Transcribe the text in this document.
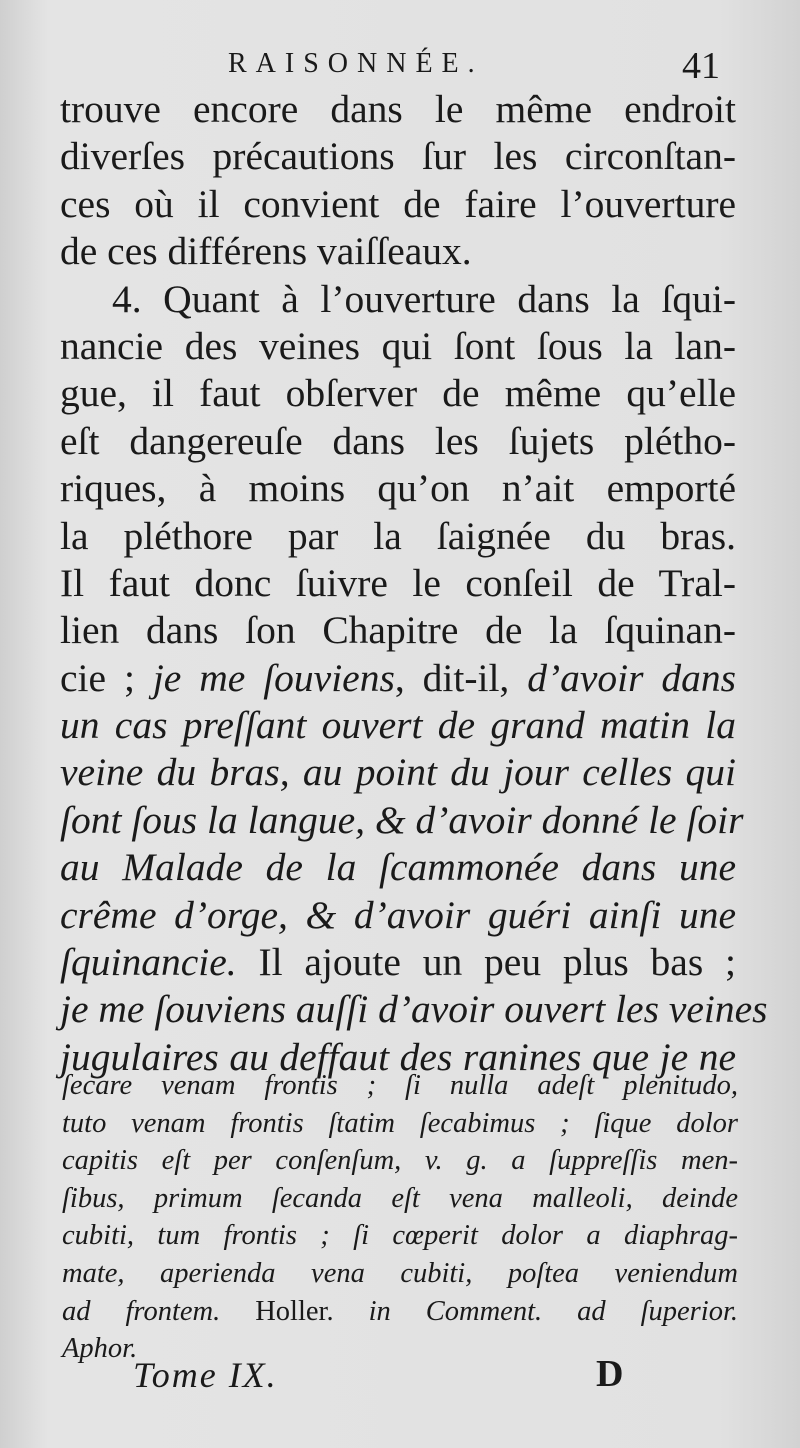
RAISONNÉE.	41
trouve encore dans le même endroit
diverſes précautions ſur les circonſtan-
ces où il convient de faire l’ouverture
de ces différens vaiſſeaux.
4. Quant à l’ouverture dans la ſqui-
nancie des veines qui ſont ſous la lan-
gue, il faut obſerver de même qu’elle
eſt dangereuſe dans les ſujets plétho-
riques, à moins qu’on n’ait emporté
la pléthore par la ſaignée du bras.
Il faut donc ſuivre le conſeil de Tral-
lien dans ſon Chapitre de la ſquinan-
cie ; je me ſouviens, dit-il, d’avoir dans
un cas preſſant ouvert de grand matin la
veine du bras, au point du jour celles qui
ſont ſous la langue, & d’avoir donné le ſoir
au Malade de la ſcammonée dans une
crême d’orge, & d’avoir guéri ainſi une
ſquinancie. Il ajoute un peu plus bas ;
je me ſouviens auſſi d’avoir ouvert les veines
jugulaires au deffaut des ranines que je ne
ſecare venam frontis ; ſi nulla adeſt plenitudo,
tuto venam frontis ſtatim ſecabimus ; ſique dolor
capitis eſt per conſenſum, v. g. a ſuppreſſis men-
ſibus, primum ſecanda eſt vena malleoli, deinde
cubiti, tum frontis ; ſi cœperit dolor a diaphrag-
mate, aperienda vena cubiti, poſtea veniendum
ad frontem. Holler. in Comment. ad ſuperior.
Aphor.
Tome IX.	D
